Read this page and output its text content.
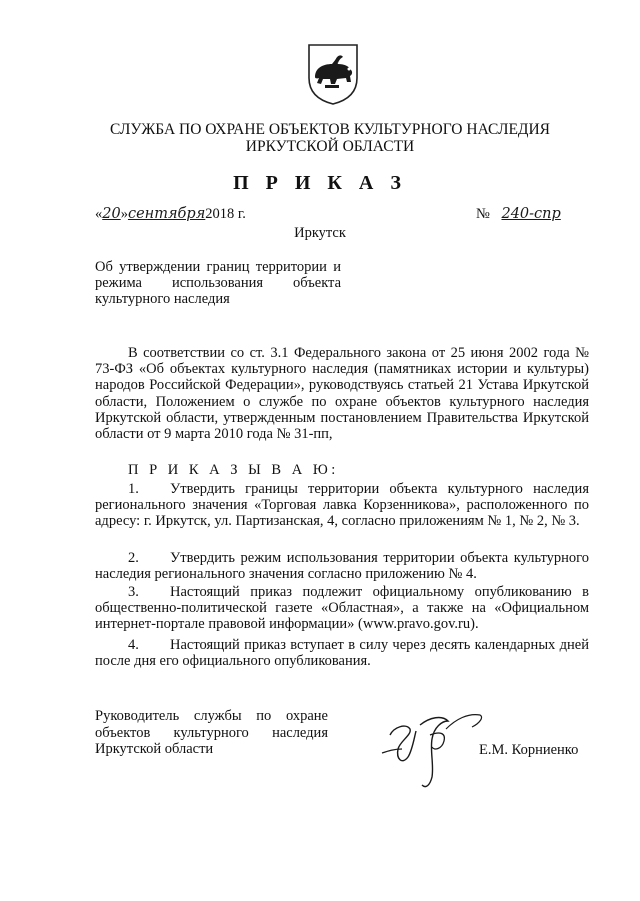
СЛУЖБА ПО ОХРАНЕ ОБЪЕКТОВ КУЛЬТУРНОГО НАСЛЕДИЯ
ИРКУТСКОЙ ОБЛАСТИ
П Р И К А З
«20»сентября2018 г.	№ 240-спр
Иркутск
Об утверждении границ территории и режима использования объекта культурного наследия
В соответствии со ст. 3.1 Федерального закона от 25 июня 2002 года № 73-ФЗ «Об объектах культурного наследия (памятниках истории и культуры) народов Российской Федерации», руководствуясь статьей 21 Устава Иркутской области, Положением о службе по охране объектов культурного наследия Иркутской области, утвержденным постановлением Правительства Иркутской области от 9 марта 2010 года № 31-пп,
П Р И К А З Ы В А Ю:
1. Утвердить границы территории объекта культурного наследия регионального значения «Торговая лавка Корзенникова», расположенного по адресу: г. Иркутск, ул. Партизанская, 4, согласно приложениям № 1, № 2, № 3.
2. Утвердить режим использования территории объекта культурного наследия регионального значения согласно приложению № 4.
3. Настоящий приказ подлежит официальному опубликованию в общественно-политической газете «Областная», а также на «Официальном интернет-портале правовой информации» (www.pravo.gov.ru).
4. Настоящий приказ вступает в силу через десять календарных дней после дня его официального опубликования.
Руководитель службы по охране объектов культурного наследия Иркутской области	Е.М. Корниенко
